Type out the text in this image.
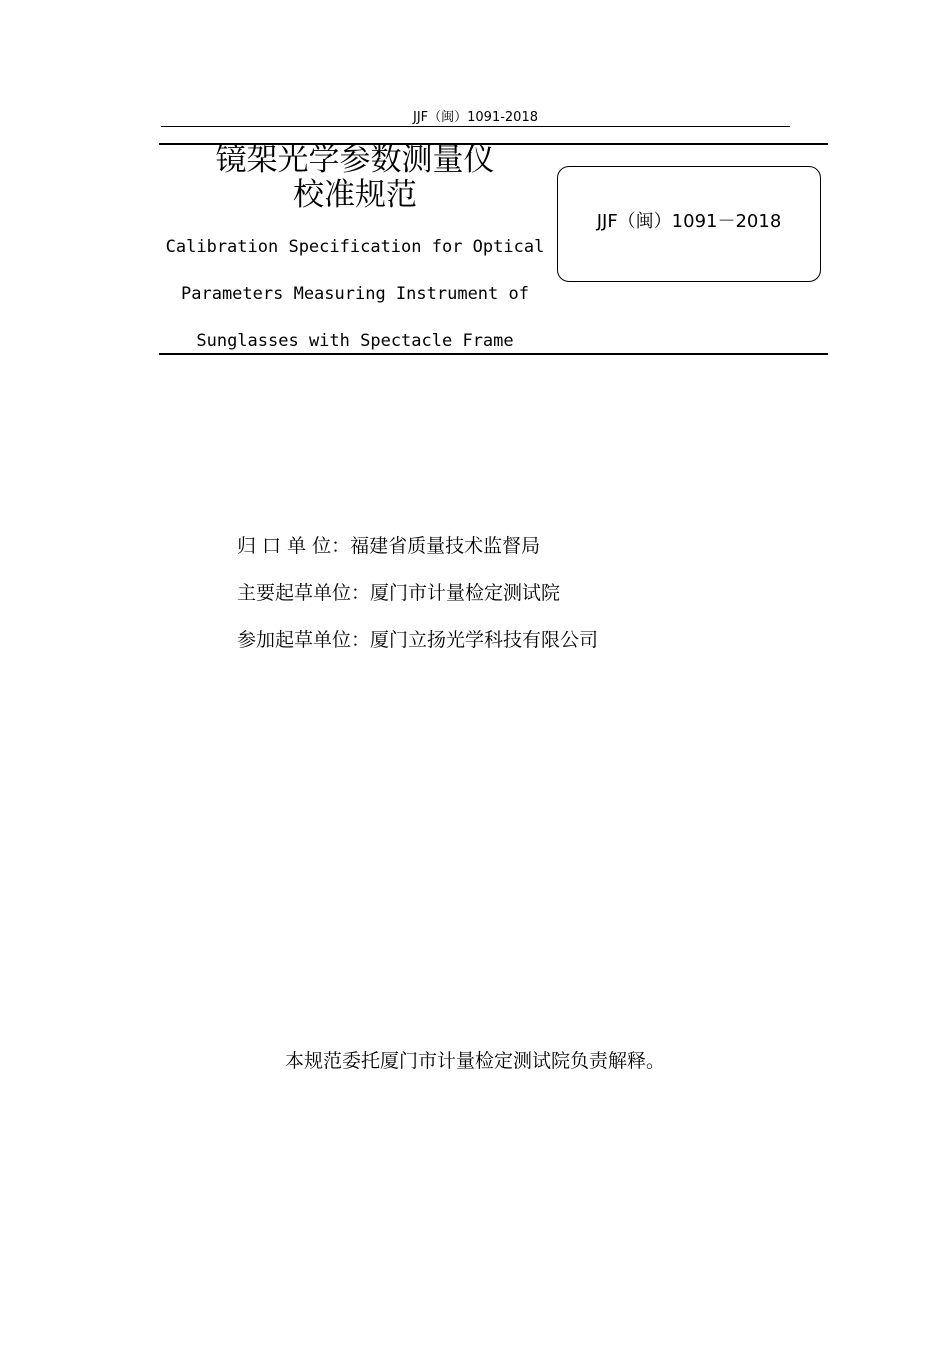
JJF（闽）1091-2018
镜架光学参数测量仪
校准规范
Calibration Specification for Optical
Parameters Measuring Instrument of
Sunglasses with Spectacle Frame
JJF（闽）1091－2018
归 口 单 位：福建省质量技术监督局
主要起草单位：厦门市计量检定测试院
参加起草单位：厦门立扬光学科技有限公司
本规范委托厦门市计量检定测试院负责解释。
